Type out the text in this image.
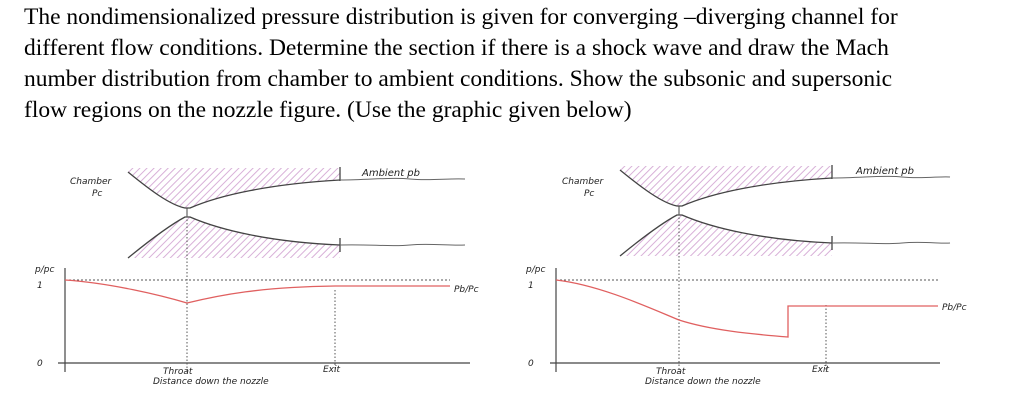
The nondimensionalized pressure distribution is given for converging –diverging channel for
different flow conditions. Determine the section if there is a shock wave and draw the Mach
number distribution from chamber to ambient conditions. Show the subsonic and supersonic
flow regions on the nozzle figure. (Use the graphic given below)
Chamber
Pc
Ambient pb
p/pc
1
0
Pb/Pc
Throat	Exit
Distance down the nozzle
Chamber
Pc
Ambient pb
p/pc
1
0
Pb/Pc
Throat	Exit
Distance down the nozzle
